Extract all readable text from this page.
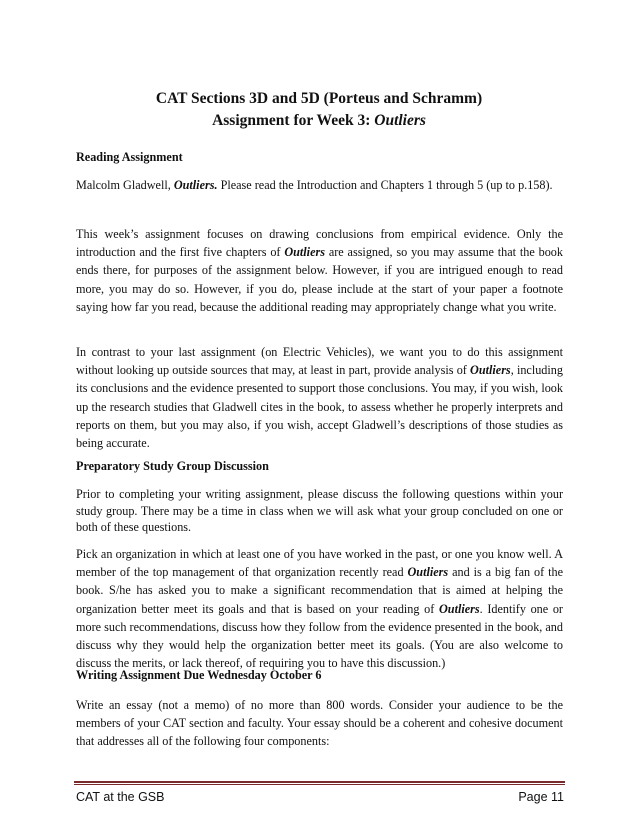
CAT Sections 3D and 5D (Porteus and Schramm)
Assignment for Week 3: Outliers
Reading Assignment

Malcolm Gladwell, Outliers. Please read the Introduction and Chapters 1 through 5 (up to p.158).

This week’s assignment focuses on drawing conclusions from empirical evidence. Only the introduction and the first five chapters of Outliers are assigned, so you may assume that the book ends there, for purposes of the assignment below. However, if you are intrigued enough to read more, you may do so. However, if you do, please include at the start of your paper a footnote saying how far you read, because the additional reading may appropriately change what you write.

In contrast to your last assignment (on Electric Vehicles), we want you to do this assignment without looking up outside sources that may, at least in part, provide analysis of Outliers, including its conclusions and the evidence presented to support those conclusions. You may, if you wish, look up the research studies that Gladwell cites in the book, to assess whether he properly interprets and reports on them, but you may also, if you wish, accept Gladwell’s descriptions of those studies as being accurate.

Preparatory Study Group Discussion

Prior to completing your writing assignment, please discuss the following questions within your study group. There may be a time in class when we will ask what your group concluded on one or both of these questions.

Pick an organization in which at least one of you have worked in the past, or one you know well. A member of the top management of that organization recently read Outliers and is a big fan of the book. S/he has asked you to make a significant recommendation that is aimed at helping the organization better meet its goals and that is based on your reading of Outliers. Identify one or more such recommendations, discuss how they follow from the evidence presented in the book, and discuss why they would help the organization better meet its goals. (You are also welcome to discuss the merits, or lack thereof, of requiring you to have this discussion.)

Writing Assignment Due Wednesday October 6

Write an essay (not a memo) of no more than 800 words. Consider your audience to be the members of your CAT section and faculty. Your essay should be a coherent and cohesive document that addresses all of the following four components:

CAT at the GSB	Page 11
